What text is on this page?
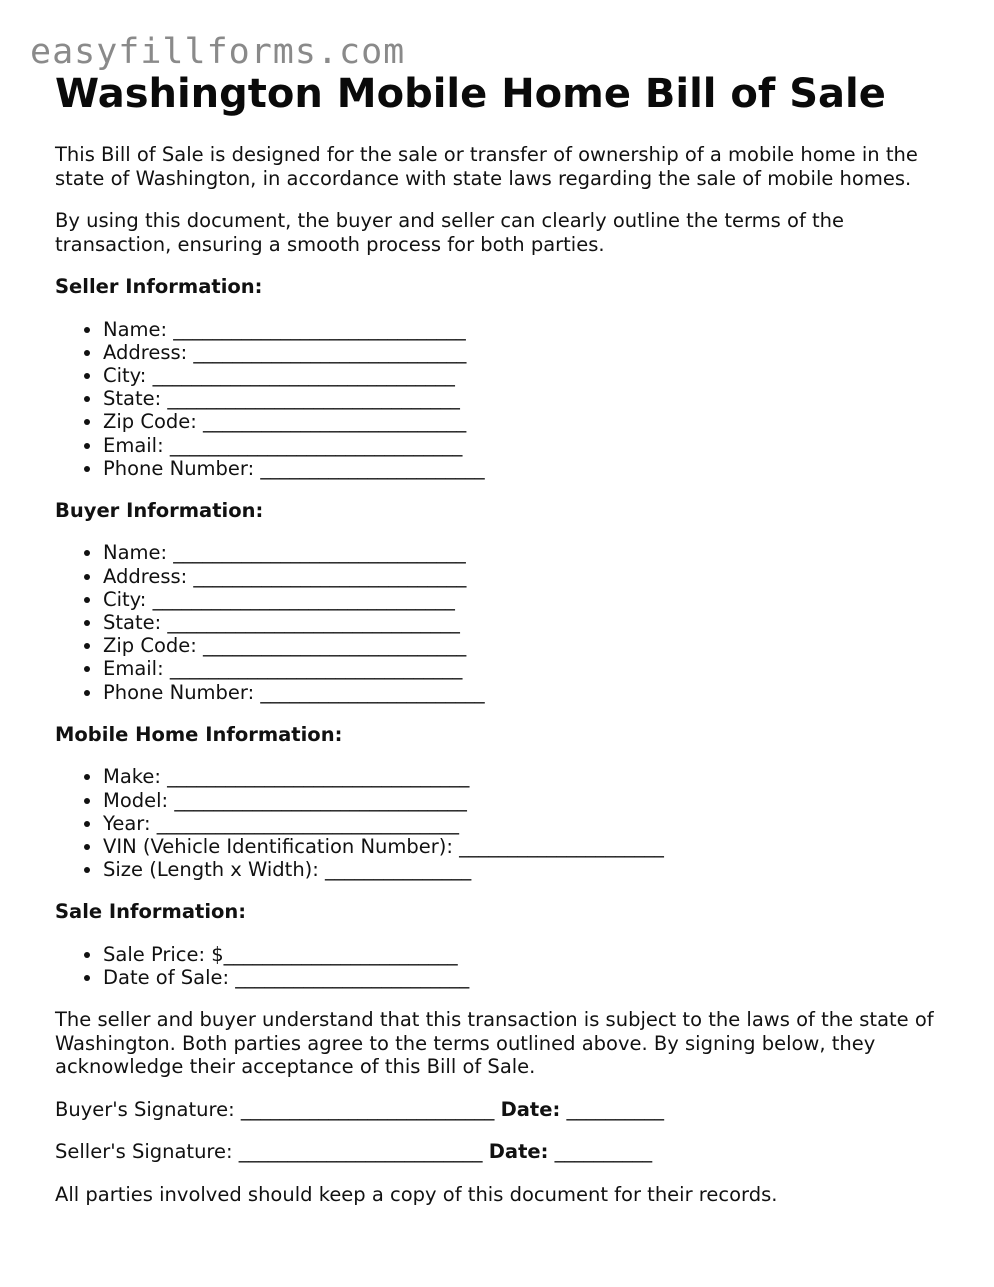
easyfillforms.com
Washington Mobile Home Bill of Sale

This Bill of Sale is designed for the sale or transfer of ownership of a mobile home in the state of Washington, in accordance with state laws regarding the sale of mobile homes.

By using this document, the buyer and seller can clearly outline the terms of the transaction, ensuring a smooth process for both parties.

Seller Information:

• Name: ______________________________
• Address: ____________________________
• City: _______________________________
• State: ______________________________
• Zip Code: ___________________________
• Email: ______________________________
• Phone Number: _______________________

Buyer Information:

• Name: ______________________________
• Address: ____________________________
• City: _______________________________
• State: ______________________________
• Zip Code: ___________________________
• Email: ______________________________
• Phone Number: _______________________

Mobile Home Information:

• Make: _______________________________
• Model: ______________________________
• Year: _______________________________
• VIN (Vehicle Identification Number): _____________________
• Size (Length x Width): _______________

Sale Information:

• Sale Price: $________________________
• Date of Sale: ________________________

The seller and buyer understand that this transaction is subject to the laws of the state of Washington. Both parties agree to the terms outlined above. By signing below, they acknowledge their acceptance of this Bill of Sale.

Buyer's Signature: __________________________ Date: __________

Seller's Signature: _________________________ Date: __________

All parties involved should keep a copy of this document for their records.
